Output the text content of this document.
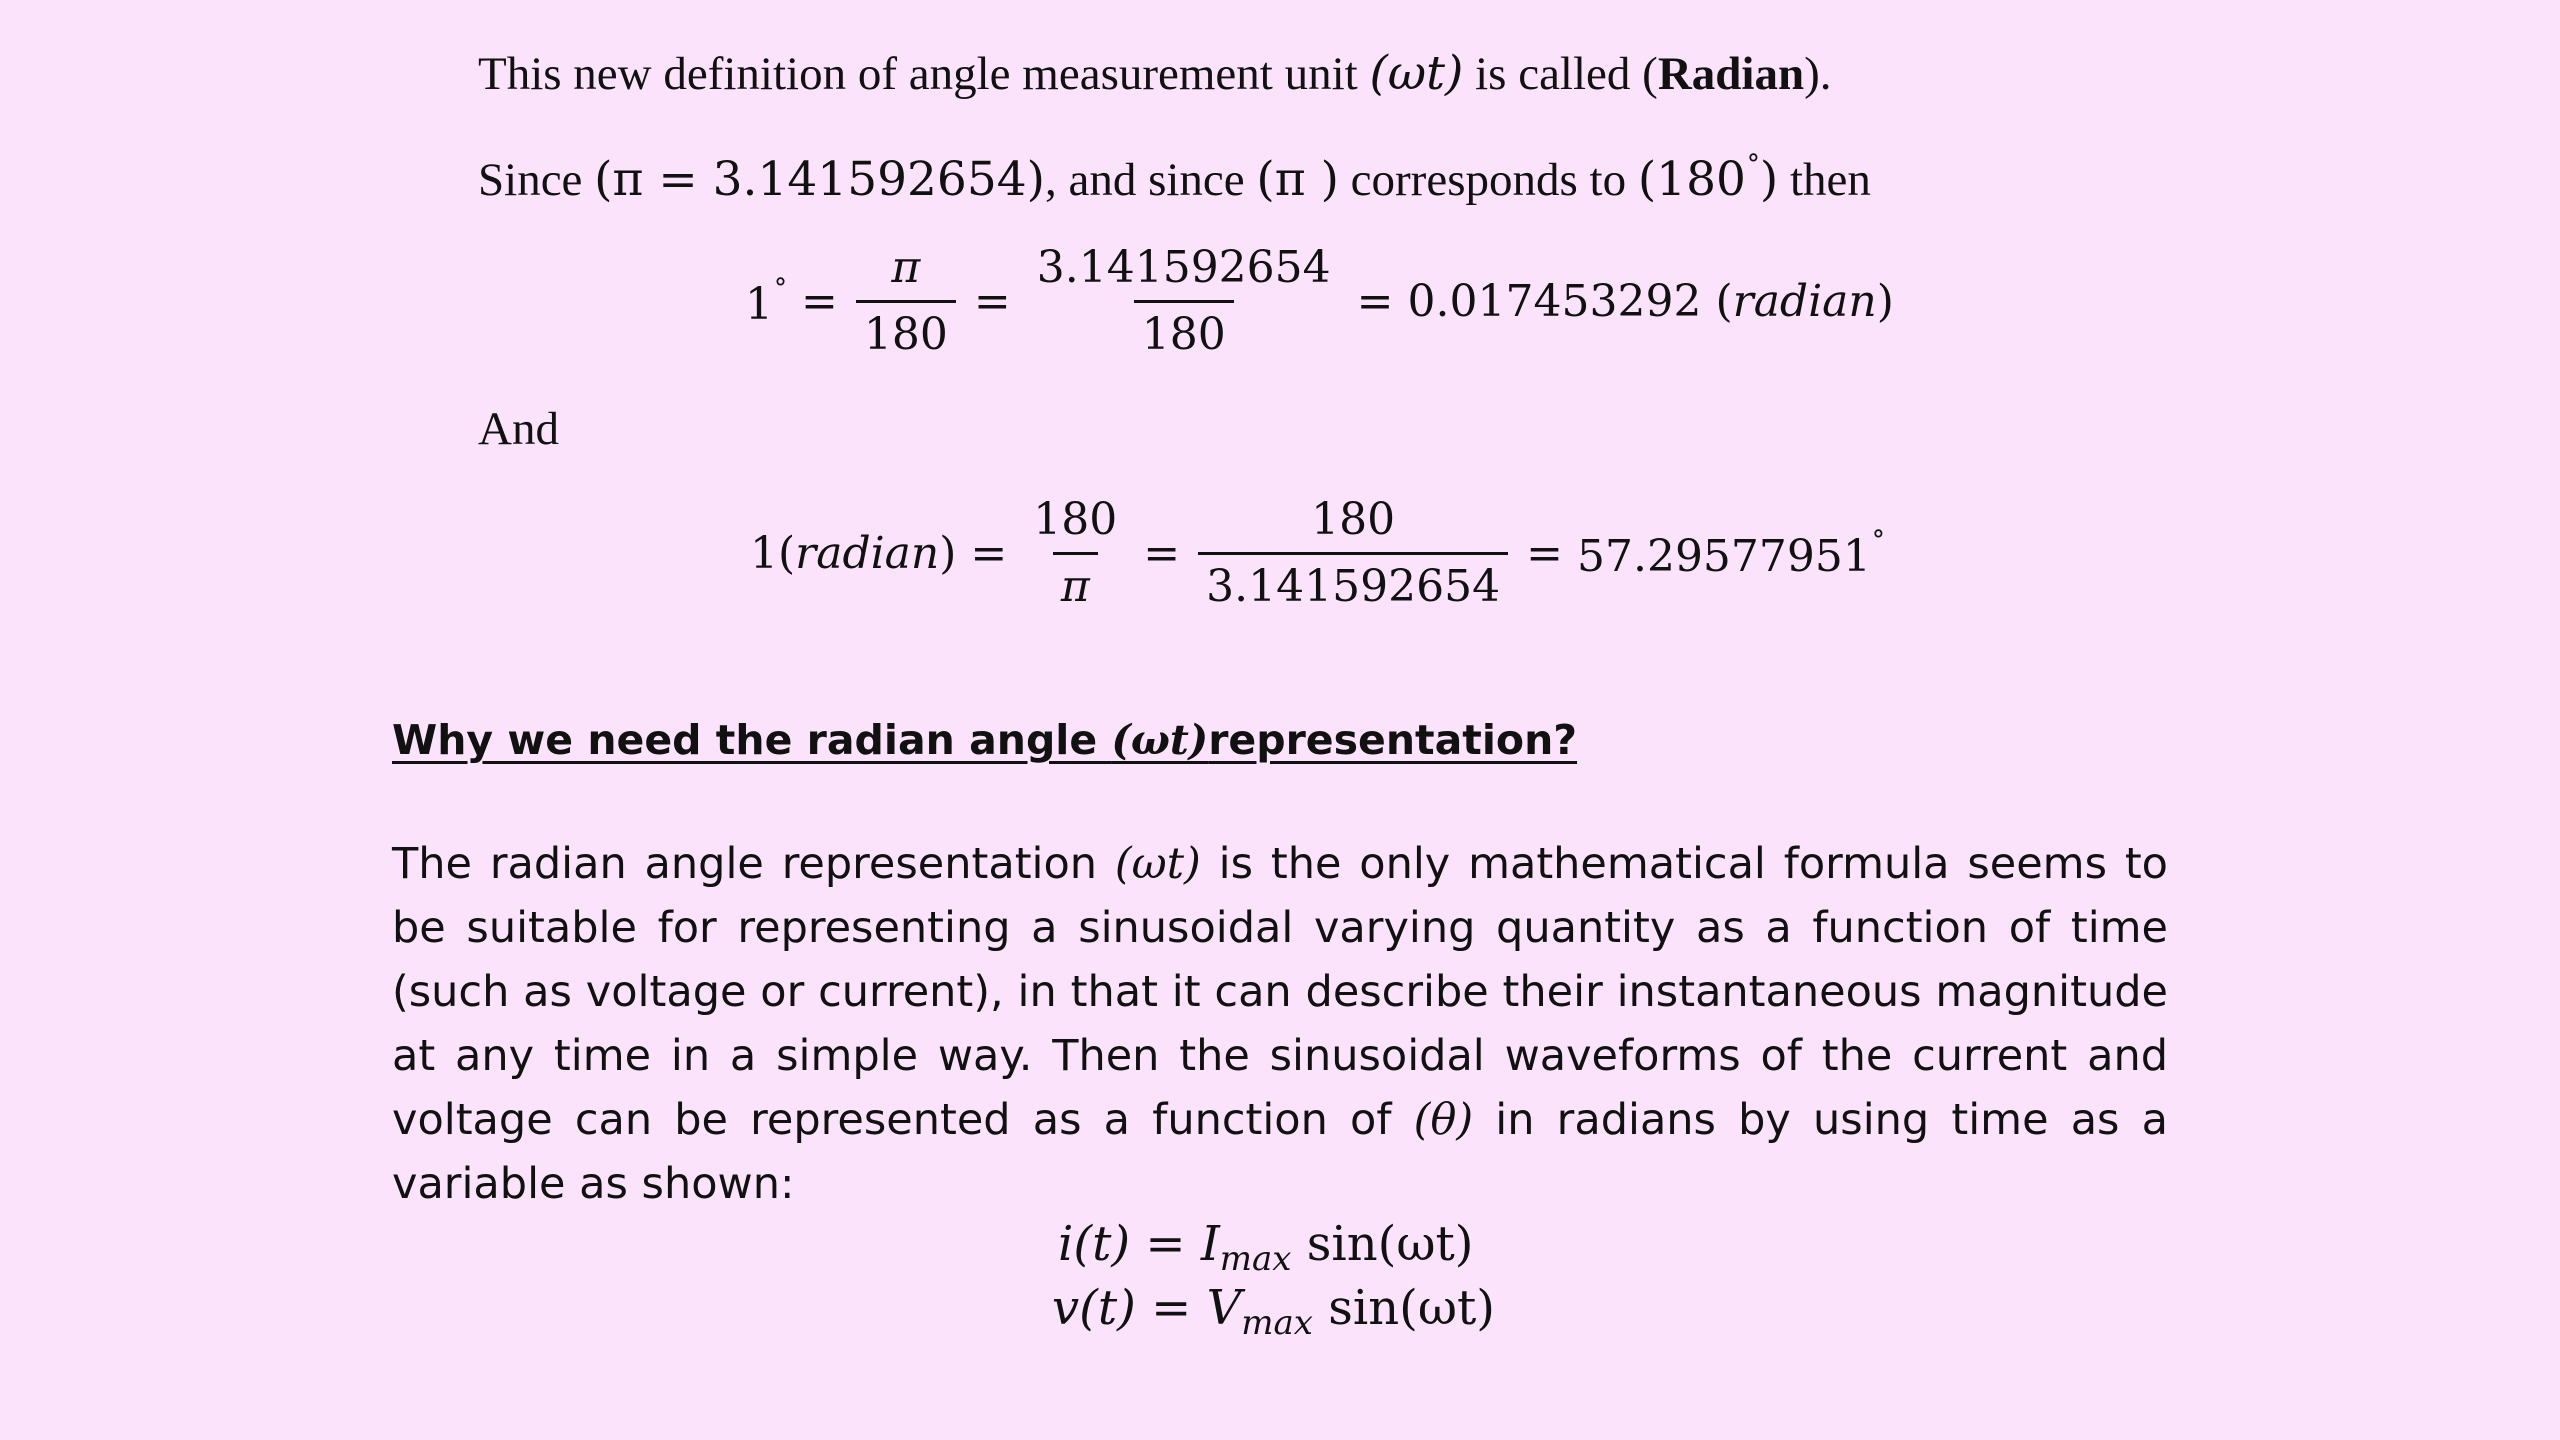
This new definition of angle measurement unit (ωt) is called (Radian).
Since (π = 3.141592654), and since (π ) corresponds to (180°) then
$1^\circ = \frac{\pi}{180} = \frac{3.141592654}{180} = 0.017453292$ (radian)
And
1(radian) = $\frac{180}{\pi} = \frac{180}{3.141592654} = 57.29577951^\circ$
Why we need the radian angle (ωt)representation?
The radian angle representation (ωt) is the only mathematical formula seems to be suitable for representing a sinusoidal varying quantity as a function of time (such as voltage or current), in that it can describe their instantaneous magnitude at any time in a simple way. Then the sinusoidal waveforms of the current and voltage can be represented as a function of (θ) in radians by using time as a variable as shown:
$i(t) = I_{max}$ sin(ωt)
$v(t) = V_{max}$ sin(ωt)
